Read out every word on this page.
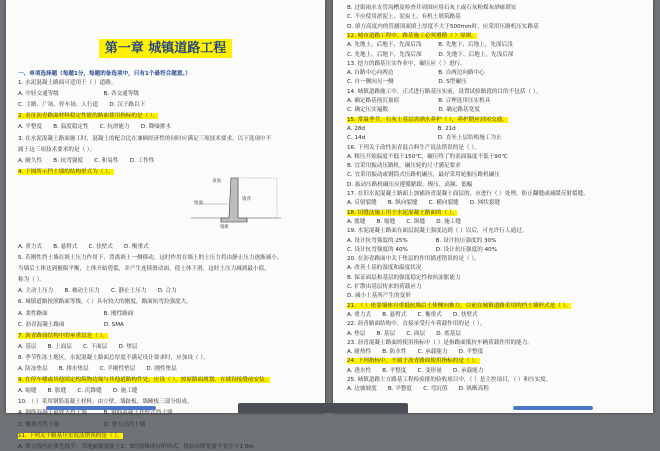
第一章 城镇道路工程
一、单项选择题（每题1分，每题的备选项中，只有1个最符合题意。）
1. 水泥混凝土路面可适用于（ ）道路。
A. 中轻交通等级　　　　　　　　B. 各交通等级
C. 主路、广场、停车场、人行道　　D. 汉子路以下
2. 表征沥青路面材料稳定性能的路面使用指标的是（ ）。
A. 平整度　　B. 温度稳定性　　C. 抗滑能力　　D. 降噪排水
3. 在水泥混凝土路面施工时，混凝土的配合比在兼顾经济性的同时应满足三项技术要求，以下选项中不
属于这三项技术要求的是（ ）。
A. 耐久性　　B. 抗弯强度　　C. 和易性　　D. 工作性
4. 下图所示挡土墙的结构形式为（ ）。
A. 重力式　　B. 悬臂式　　C. 扶壁式　　D. 衡重式
5. 若刚性挡土墙在填土压力作用下，背离填土一侧移动，这时作用在墙上的土压力将由静止压力逐渐减小，
当墙后土体达到极限平衡，土体开始剪裂，并产生连续滑动面，使土体下滑，这时土压力减到最小值，
称为（ ）。
A. 主动土压力　　B. 被动土压力　　C. 静止土压力　　D. 合力
6. 城镇道路按照路面等级，（ ）具有较大的刚度，路面抗弯拉强度大。
A. 柔性路面　　　　　　　　　　B. 刚性路面
C. 沥青混凝土路面　　　　　　　D. SMA
7. 沥青路面结构中的承重层是（ ）。
A. 基层　　B. 上面层　　C. 下面层　　D. 垫层
8. 季节性冻土地区，水泥混凝土路面总厚度不满足设计要求时，应加设（ ）。
A. 防冻垫层　　B. 排水垫层　　C. 半刚性垫层　　D. 刚性垫层
9. 在停车楼或其他固定构筑物边缘与其他道路构件处，应设（ ），按原路面规划、在铺设接缝前安装。
A. 缩缝　　B. 胀缝　　C. 沉降缝　　D. 施工缝
10. （ ）采用钢筋混凝土材料，由立壁、墙趾板、墙踵板三部分组成。
A. 钢筋混凝土悬臂式挡土墙　　　B. 钢筋混凝土扶壁式挡土墙
C. 衡重式挡土墙　　　　　　　　D. 重力式挡土墙
11. 下列关于路基压实说法错误的是（ ）。
A. 填方段内应事先找平，当地面坡度陡于1：5时需修成台阶形式，每层台阶宽度不宜小于1.0m
顶面
墙背
地面
墙趾
B. 过街雨水支管沟槽及检查井周围应用石灰土或石灰粉煤灰砂砾填实
C. 不应使用淤泥土、泥炭土、有机土填筑路基
D. 填方高度内的管涵顶面填土厚度不大于500mm时，应采用压路机压实路基
12. 城市道路工程中，路基施工必须遵循（ ）原则。
A. 先地上、后地下，先深后浅　　　B. 先地下、后地上，先深后浅
C. 先地上、后地下，先浅后深　　　D. 先地下、后地上，先浅后深
13. 挖方的路基压实作业中，碾压应（ ）进行。
A. 自路中心向两边　　　　　　　　B. 自两边向路中心
C. 自一侧向另一侧　　　　　　　　D. S型碾压
14. 城镇道路施工中，正式进行路基压实前，设置试验路段的目的不包括（ ）。
A. 确定路基预沉量值　　　　　　　B. 合理选用压实机具
C. 确定压实遍数　　　　　　　　　D. 确定路基宽度
15. 常温季节，石灰土基层需洒水养护（ ），养护期应封闭交通。
A. 28d　　　　　　　　　　　　　B. 21d
C. 14d　　　　　　　　　　　　　D. 直至上层结构施工为止
16. 下列关于改性沥青混合料生产说法错误的是（ ）。
A. 粗压开始温度不低于150℃，碾压终了的表面温度不低于90℃
B. 宜采用振动压路机，碾压轮的尺寸满足要求
C. 宜采用振动或钢筒式压路机碾压，最好采用轮胎压路机碾压
D. 振动压路机碾压应遵循紧跟、慢压、高频、低幅
17. 在旧水泥混凝土路面上加铺沥青混凝土面层的，应进行（ ）处理，防止翻缝或减缓反射裂缝。
A. 反射裂缝　　B. 纵向裂缝　　C. 横向裂缝　　D. 网状裂缝
18. 切缝法施工用于水泥混凝土路面的（ ）。
A. 胀缝　　B. 缩缝　　C. 纵缝　　D. 施工缝
19. 水泥混凝土路面在面层混凝土强度达到（ ）以后，可允许行人通过。
A. 设计抗弯强度的 25%　　　　　B. 设计抗压强度的 30%
C. 设计抗弯强度的 40%　　　　　D. 设计抗压强度的 40%
20. 在沥青路面中关于垫层的作用描述错误的是（ ）。
A. 改善土基的湿度和温度状况
B. 保证面层和基层的强度稳定性和抗冻胀能力
C. 扩散由基层传来的荷载应力
D. 减小土基所产生的变形
21. （ ）依靠墙体自重抵抗墙后土体侧向推力，目前在城镇道路采用的挡土墙形式是（ ）。
A. 重力式　　B. 悬臂式　　C. 衡重式　　D. 扶壁式
22. 沥青路面结构中，直接承受行车荷载作用的是（ ）。
A. 垫层　　B. 基层　　C. 面层　　D. 底基层
23. 沥青混凝土路面的使用指标中（ ）是指路面抵抗车辆荷载作用的能力。
A. 耐热性　　B. 防水性　　C. 承载能力　　D. 平整度
24. 下列指标中，不属于沥青路面使用指标的是（ ）。
A. 透水性　　B. 平整度　　C. 变形量　　D. 承载能力
25. 城镇道路土方路基工程检验批的验收项目中，（ ）是主控项目，（ ）和压实度。
A. 边坡坡度　　B. 平整度　　C. 弯沉值　　D. 纵断高程
